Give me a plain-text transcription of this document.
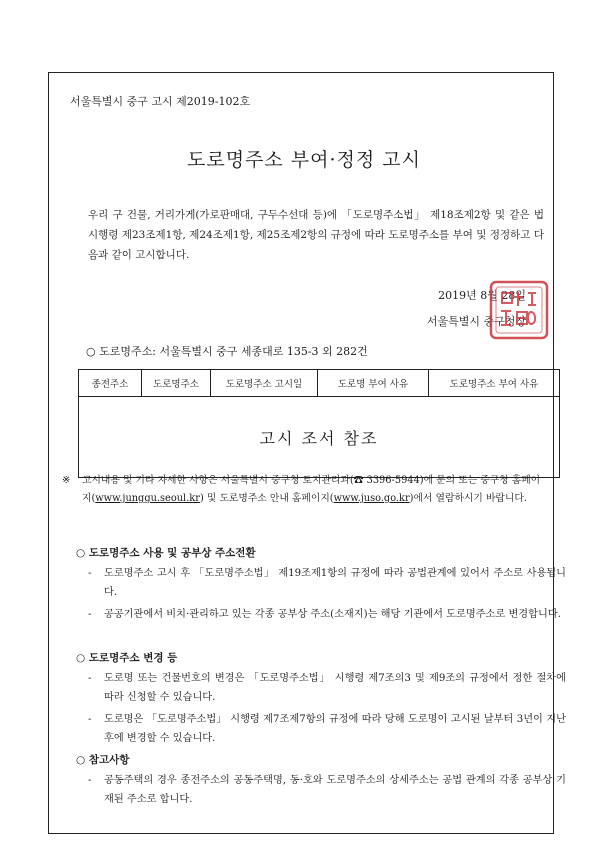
서울특별시 중구 고시 제2019-102호
도로명주소 부여·정정 고시
우리 구 건물, 거리가게(가로판매대, 구두수선대 등)에 「도로명주소법」 제18조제2항 및 같은 법 시행령 제23조제1항, 제24조제1항, 제25조제2항의 규정에 따라 도로명주소를 부여 및 정정하고 다음과 같이 고시합니다.
2019년 8월 28일
서울특별시 중구청장
○ 도로명주소: 서울특별시 중구 세종대로 135-3 외 282건
종전주소	도로명주소	도로명주소 고시일	도로명 부여 사유	도로명주소 부여 사유
고시 조서 참조
※ 고시내용 및 기타 자세한 사항은 서울특별시 중구청 토지관리과(☎ 3396-5944)에 문의 또는 중구청 홈페이지(www.junggu.seoul.kr) 및 도로명주소 안내 홈페이지(www.juso.go.kr)에서 열람하시기 바랍니다.
○ 도로명주소 사용 및 공부상 주소전환
- 도로명주소 고시 후 「도로명주소법」 제19조제1항의 규정에 따라 공법관계에 있어서 주소로 사용됩니다.
- 공공기관에서 비치·관리하고 있는 각종 공부상 주소(소재지)는 해당 기관에서 도로명주소로 변경합니다.
○ 도로명주소 변경 등
- 도로명 또는 건물번호의 변경은 「도로명주소법」 시행령 제7조의3 및 제9조의 규정에서 정한 절차에 따라 신청할 수 있습니다.
- 도로명은 「도로명주소법」 시행령 제7조제7항의 규정에 따라 당해 도로명이 고시된 날부터 3년이 지난 후에 변경할 수 있습니다.
○ 참고사항
- 공동주택의 경우 종전주소의 공동주택명, 동·호와 도로명주소의 상세주소는 공법 관계의 각종 공부상 기재된 주소로 합니다.
